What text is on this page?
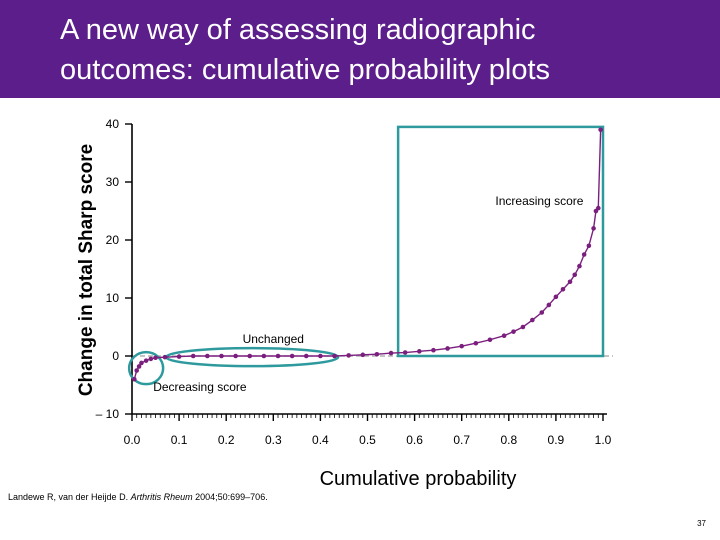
A new way of assessing radiographic
outcomes: cumulative probability plots
– 10
0
10
20
30
40
0.0	0.1	0.2	0.3	0.4	0.5	0.6	0.7	0.8	0.9	1.0
Increasing score
Unchanged
Decreasing score
Change in total Sharp score
Cumulative probability
Landewe R, van der Heijde D. Arthritis Rheum 2004;50:699–706.
37
